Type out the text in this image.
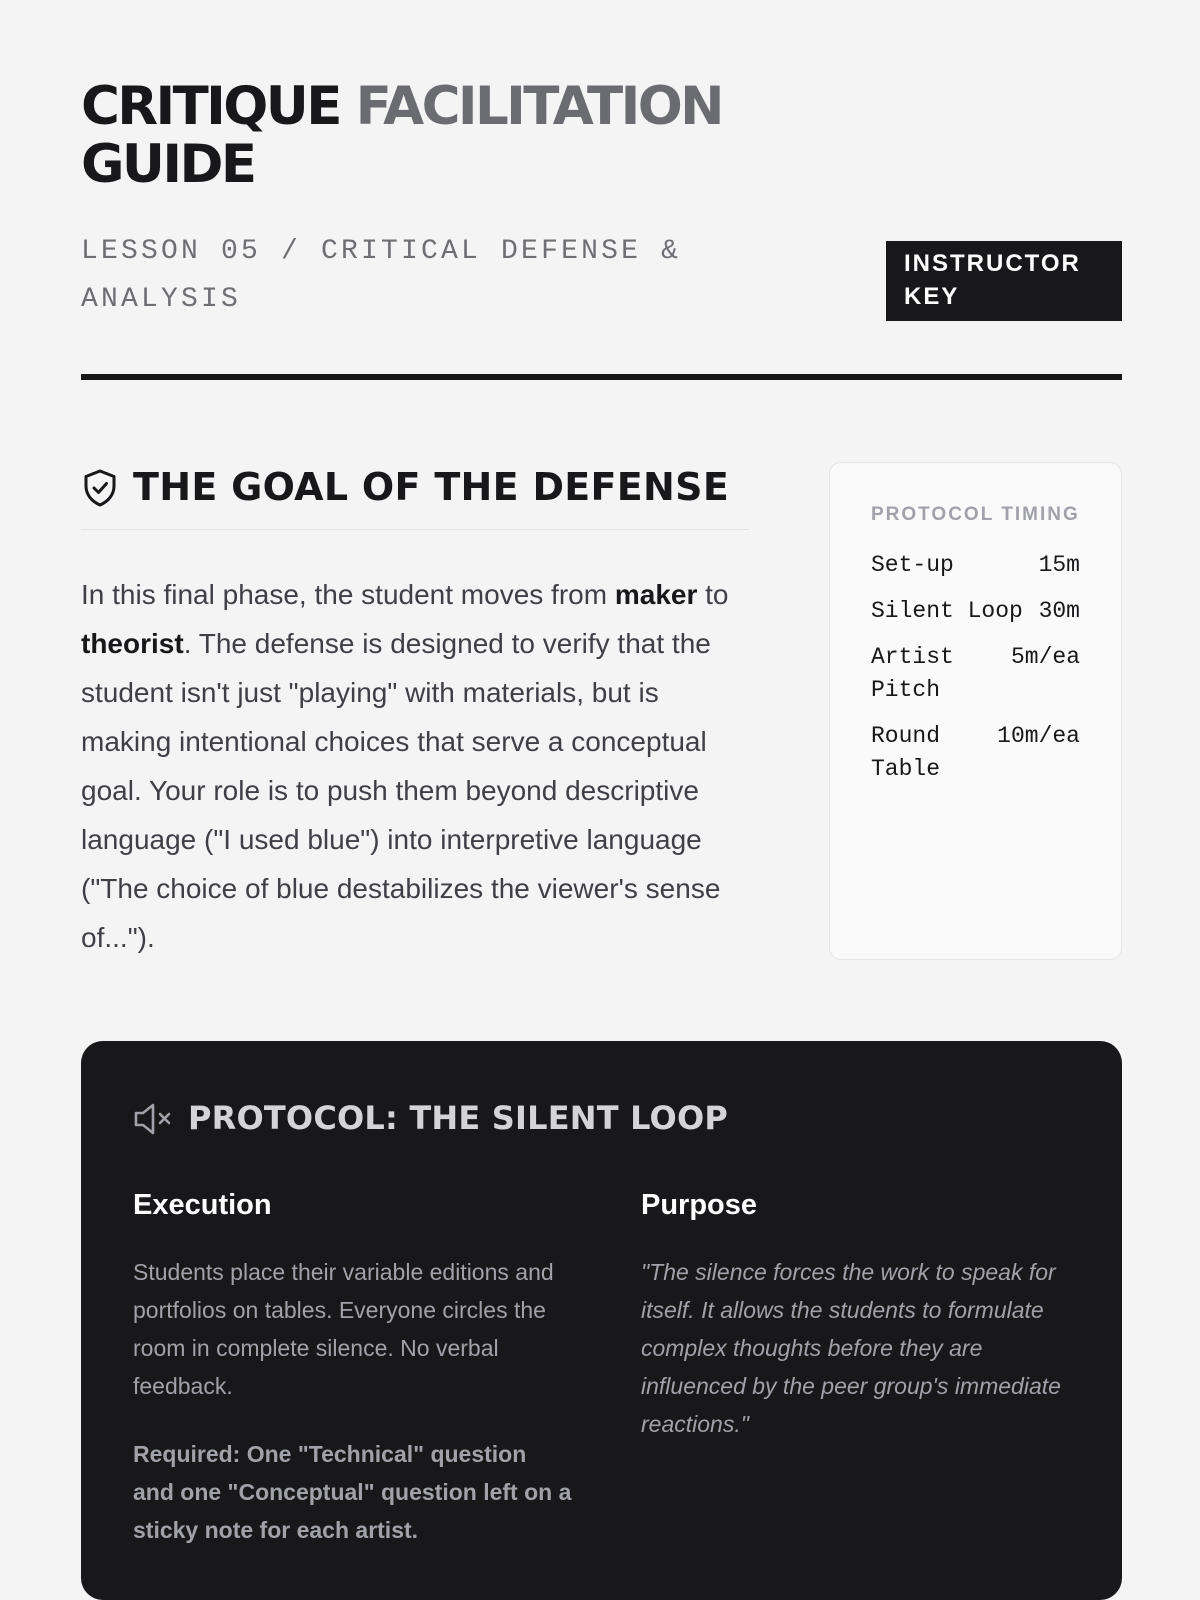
CRITIQUE FACILITATION
GUIDE
LESSON 05 / CRITICAL DEFENSE & ANALYSIS
INSTRUCTOR KEY
THE GOAL OF THE DEFENSE

In this final phase, the student moves from maker to theorist. The defense is designed to verify that the student isn't just "playing" with materials, but is making intentional choices that serve a conceptual goal. Your role is to push them beyond descriptive language ("I used blue") into interpretive language ("The choice of blue destabilizes the viewer's sense of...").

PROTOCOL TIMING
Set-up	15m
Silent Loop 30m
Artist Pitch
5m/ea
Round Table
10m/ea
PROTOCOL: THE SILENT LOOP
Execution

Students place their variable editions and portfolios on tables. Everyone circles the room in complete silence. No verbal feedback.

Required: One "Technical" question and one "Conceptual" question left on a sticky note for each artist.

Purpose

"The silence forces the work to speak for itself. It allows the students to formulate complex thoughts before they are influenced by the peer group's immediate reactions."
